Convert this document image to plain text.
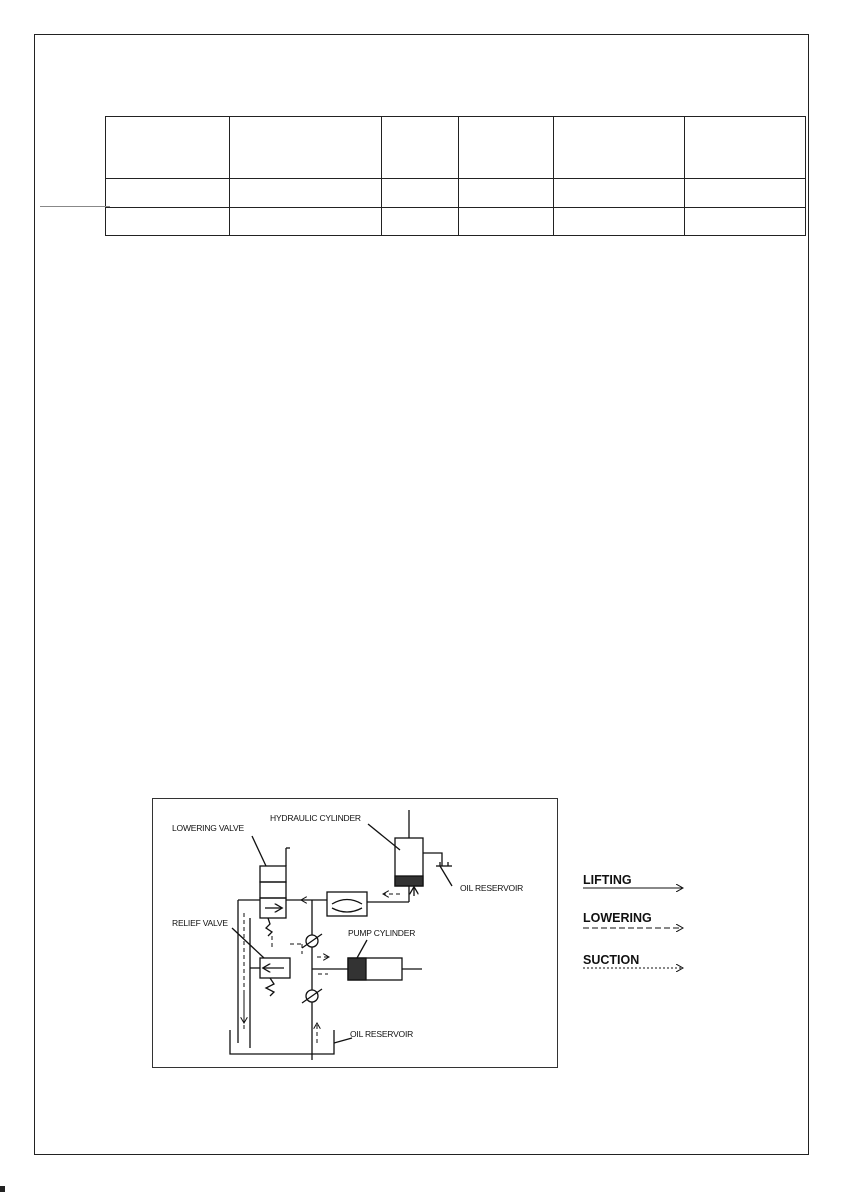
LOWERING VALVE
HYDRAULIC CYLINDER
OIL RESERVOIR
RELIEF VALVE
PUMP CYLINDER
OIL RESERVOIR
LIFTING
LOWERING
SUCTION
